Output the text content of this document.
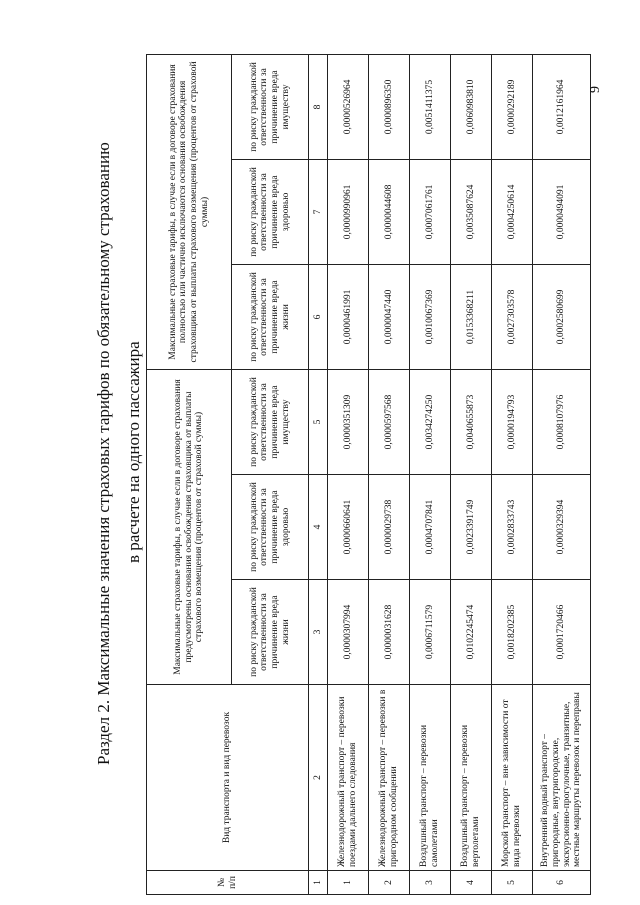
Раздел 2. Максимальные значения страховых тарифов по обязательному страхованию в расчете на одного пассажира
№ п/п	Вид транспорта и вид перевозок	Максимальные страховые тарифы, в случае если в договоре страхования предусмотрены основания освобождения страховщика от выплаты страхового возмещения (процентов от страховой суммы)			Максимальные страховые тарифы, в случае если в договоре страхования полностью или частично исключаются основания освобождения страховщика от выплаты страхового возмещения (процентов от страховой суммы)		
		по риску гражданской ответственности за причинение вреда жизни	по риску гражданской ответственности за причинение вреда здоровью	по риску гражданской ответственности за причинение вреда имуществу	по риску гражданской ответственности за причинение вреда жизни	по риску гражданской ответственности за причинение вреда здоровью	по риску гражданской ответственности за причинение вреда имуществу
1	2	3	4	5	6	7	8
1	Железнодорожный транспорт – перевозки поездами дальнего следования	0,0000307994	0,0000660641	0,0000351309	0,0000461991	0,0000990961	0,0000526964
2	Железнодорожный транспорт – перевозки в пригородном сообщении	0,0000031628	0,0000029738	0,0000597568	0,0000047440	0,0000044608	0,0000896350
3	Воздушный транспорт – перевозки самолетами	0,0006711579	0,0004707841	0,0034274250	0,0010067369	0,0007061761	0,0051411375
4	Воздушный транспорт – перевозки вертолетами	0,0102245474	0,0023391749	0,0040655873	0,0153368211	0,0035087624	0,0060983810
5	Морской транспорт – вне зависимости от вида перевозки	0,0018202385	0,0002833743	0,0000194793	0,0027303578	0,0004250614	0,0000292189
6	Внутренний водный транспорт – пригородные, внутригородские, экскурсионно-прогулочные, транзитные, местные маршруты перевозок и переправы	0,0001720466	0,0000329394	0,0008107976	0,0002580699	0,0000494091	0,0012161964 9
